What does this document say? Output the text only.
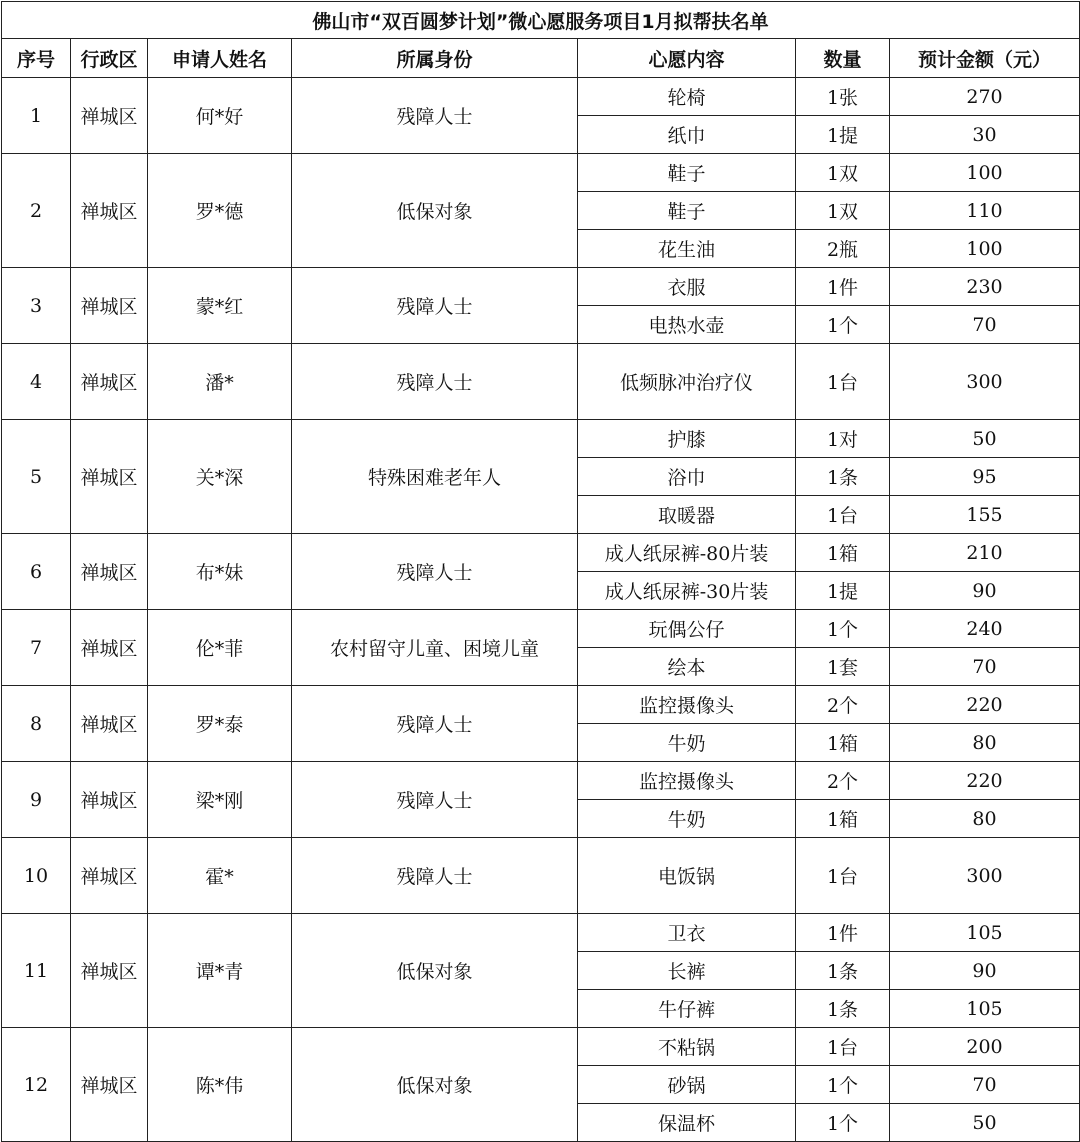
佛山市“双百圆梦计划”微心愿服务项目1月拟帮扶名单						
序号	行政区	申请人姓名	所属身份	心愿内容	数量	预计金额（元）
1	禅城区	何*好	残障人士	轮椅	1张	270
				纸巾	1提	30
2	禅城区	罗*德	低保对象	鞋子	1双	100
				鞋子	1双	110
				花生油	2瓶	100
3	禅城区	蒙*红	残障人士	衣服	1件	230
				电热水壶	1个	70
4	禅城区	潘*	残障人士	低频脉冲治疗仪	1台	300
5	禅城区	关*深	特殊困难老年人	护膝	1对	50
				浴巾	1条	95
				取暖器	1台	155
6	禅城区	布*妹	残障人士	成人纸尿裤-80片装	1箱	210
				成人纸尿裤-30片装	1提	90
7	禅城区	伦*菲	农村留守儿童、困境儿童	玩偶公仔	1个	240
				绘本	1套	70
8	禅城区	罗*泰	残障人士	监控摄像头	2个	220
				牛奶	1箱	80
9	禅城区	梁*刚	残障人士	监控摄像头	2个	220
				牛奶	1箱	80
10	禅城区	霍*	残障人士	电饭锅	1台	300
11	禅城区	谭*青	低保对象	卫衣	1件	105
				长裤	1条	90
				牛仔裤	1条	105
12	禅城区	陈*伟	低保对象	不粘锅	1台	200
				砂锅	1个	70
				保温杯	1个	50
